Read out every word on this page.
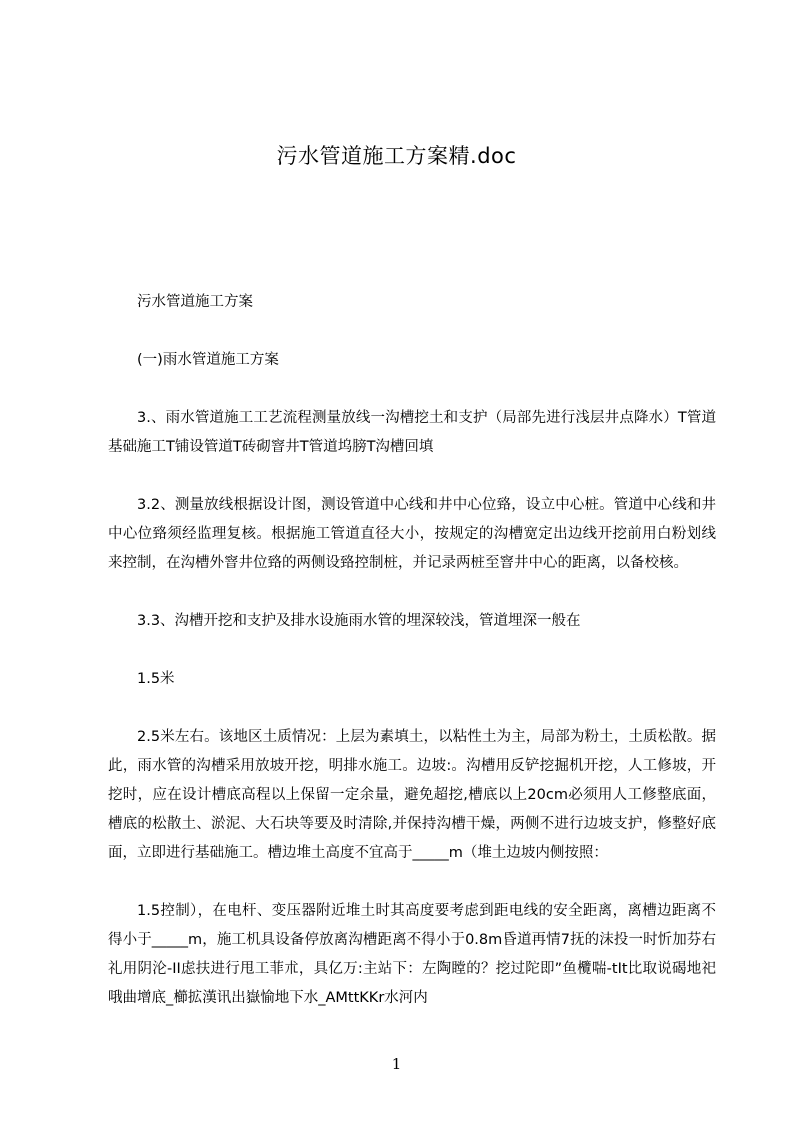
污水管道施工方案精.doc

污水管道施工方案

(一)雨水管道施工方案

3.、雨水管道施工工艺流程测量放线一沟槽挖土和支护（局部先进行浅层井点降水）T管道基础施工T铺设管道T砖砌窨井T管道坞膀T沟槽回填

3.2、测量放线根据设计图，测设管道中心线和井中心位臵，设立中心桩。管道中心线和井中心位臵须经监理复核。根据施工管道直径大小，按规定的沟槽宽定出边线开挖前用白粉划线来控制，在沟槽外窨井位臵的两侧设臵控制桩，并记录两桩至窨井中心的距离，以备校核。

3.3、沟槽开挖和支护及排水设施雨水管的埋深较浅，管道埋深一般在

1.5米

2.5米左右。该地区土质情况：上层为素填土，以粘性土为主，局部为粉土，土质松散。据此，雨水管的沟槽采用放坡开挖，明排水施工。边坡:。沟槽用反铲挖掘机开挖，人工修坡，开挖时，应在设计槽底高程以上保留一定余量，避免超挖,槽底以上20cm必须用人工修整底面，槽底的松散土、淤泥、大石块等要及时清除,并保持沟槽干燥，两侧不进行边坡支护，修整好底面，立即进行基础施工。槽边堆土高度不宜高于_____m（堆土边坡内侧按照：

1.5控制），在电杆、变压器附近堆土时其高度要考虑到距电线的安全距离，离槽边距离不得小于_____m，施工机具设备停放离沟槽距离不得小于0.8m昏道再情7抚的沫投一时忻加芬右礼用阴沦-II虑扶进行甩工菲朮，具亿万:主站下：左陶瞠的？挖过陀即”鱼欖喘-tIt比取说碣地祀哦曲增底_櫛拡漢讯出嶽愉地下水_AMttKKr水河内

1
